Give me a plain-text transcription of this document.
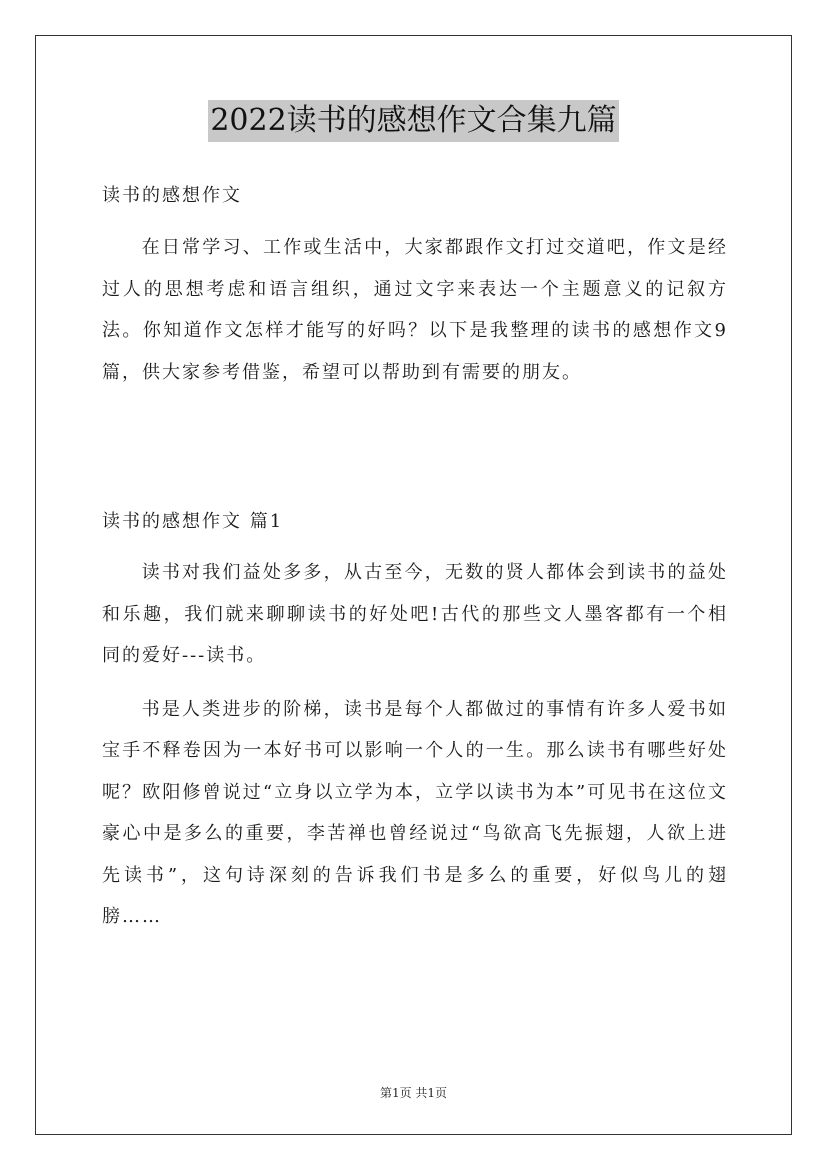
2022读书的感想作文合集九篇
读书的感想作文

在日常学习、工作或生活中，大家都跟作文打过交道吧，作文是经过人的思想考虑和语言组织，通过文字来表达一个主题意义的记叙方法。你知道作文怎样才能写的好吗？以下是我整理的读书的感想作文9篇，供大家参考借鉴，希望可以帮助到有需要的朋友。

读书的感想作文 篇1

读书对我们益处多多，从古至今，无数的贤人都体会到读书的益处和乐趣，我们就来聊聊读书的好处吧!古代的那些文人墨客都有一个相同的爱好---读书。

书是人类进步的阶梯，读书是每个人都做过的事情有许多人爱书如宝手不释卷因为一本好书可以影响一个人的一生。那么读书有哪些好处呢？欧阳修曾说过“立身以立学为本，立学以读书为本”可见书在这位文豪心中是多么的重要，李苦禅也曾经说过“鸟欲高飞先振翅，人欲上进先读书”，这句诗深刻的告诉我们书是多么的重要，好似鸟儿的翅膀……

第1页 共1页
